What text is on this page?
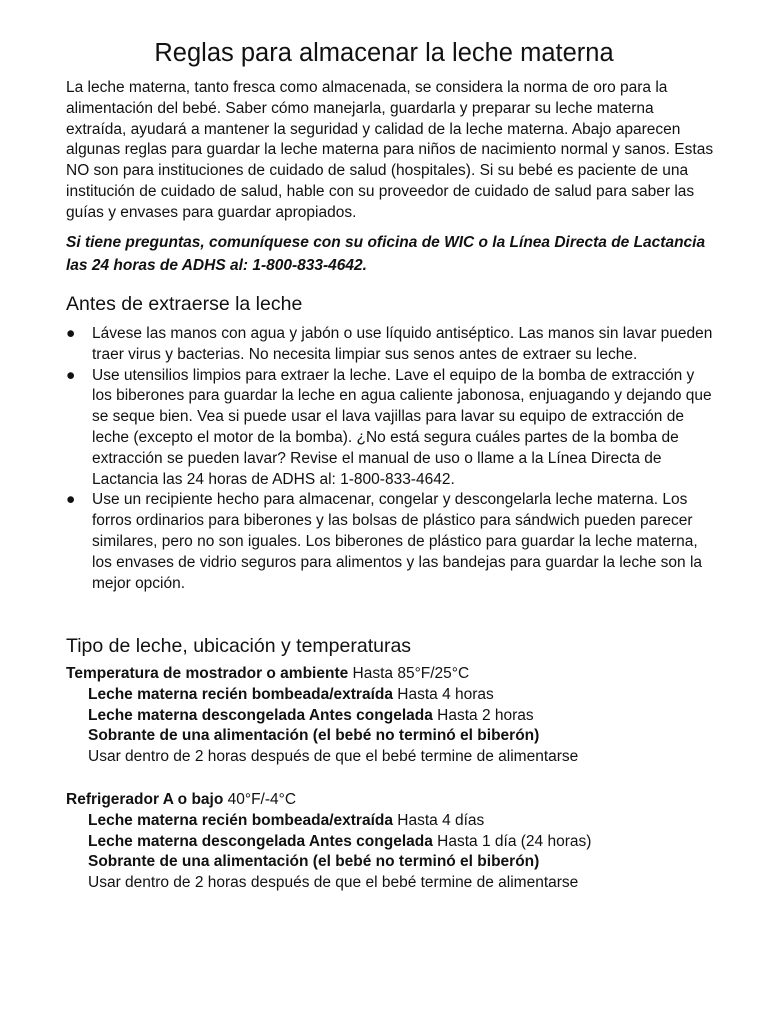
Reglas para almacenar la leche materna

La leche materna, tanto fresca como almacenada, se considera la norma de oro para la alimentación del bebé. Saber cómo manejarla, guardarla y preparar su leche materna extraída, ayudará a mantener la seguridad y calidad de la leche materna. Abajo aparecen algunas reglas para guardar la leche materna para niños de nacimiento normal y sanos. Estas NO son para instituciones de cuidado de salud (hospitales). Si su bebé es paciente de una institución de cuidado de salud, hable con su proveedor de cuidado de salud para saber las guías y envases para guardar apropiados.

Si tiene preguntas, comuníquese con su oficina de WIC o la Línea Directa de Lactancia las 24 horas de ADHS al: 1-800-833-4642.

Antes de extraerse la leche
● Lávese las manos con agua y jabón o use líquido antiséptico. Las manos sin lavar pueden traer virus y bacterias. No necesita limpiar sus senos antes de extraer su leche.
● Use utensilios limpios para extraer la leche. Lave el equipo de la bomba de extracción y los biberones para guardar la leche en agua caliente jabonosa, enjuagando y dejando que se seque bien. Vea si puede usar el lava vajillas para lavar su equipo de extracción de leche (excepto el motor de la bomba). ¿No está segura cuáles partes de la bomba de extracción se pueden lavar? Revise el manual de uso o llame a la Línea Directa de Lactancia las 24 horas de ADHS al: 1-800-833-4642.
● Use un recipiente hecho para almacenar, congelar y descongelarla leche materna. Los forros ordinarios para biberones y las bolsas de plástico para sándwich pueden parecer similares, pero no son iguales. Los biberones de plástico para guardar la leche materna, los envases de vidrio seguros para alimentos y las bandejas para guardar la leche son la mejor opción.
Tipo de leche, ubicación y temperaturas

Temperatura de mostrador o ambiente Hasta 85°F/25°C

Leche materna recién bombeada/extraída Hasta 4 horas

Leche materna descongelada Antes congelada Hasta 2 horas

Sobrante de una alimentación (el bebé no terminó el biberón)

Usar dentro de 2 horas después de que el bebé termine de alimentarse

Refrigerador A o bajo 40°F/-4°C

Leche materna recién bombeada/extraída Hasta 4 días

Leche materna descongelada Antes congelada Hasta 1 día (24 horas)

Sobrante de una alimentación (el bebé no terminó el biberón)

Usar dentro de 2 horas después de que el bebé termine de alimentarse
